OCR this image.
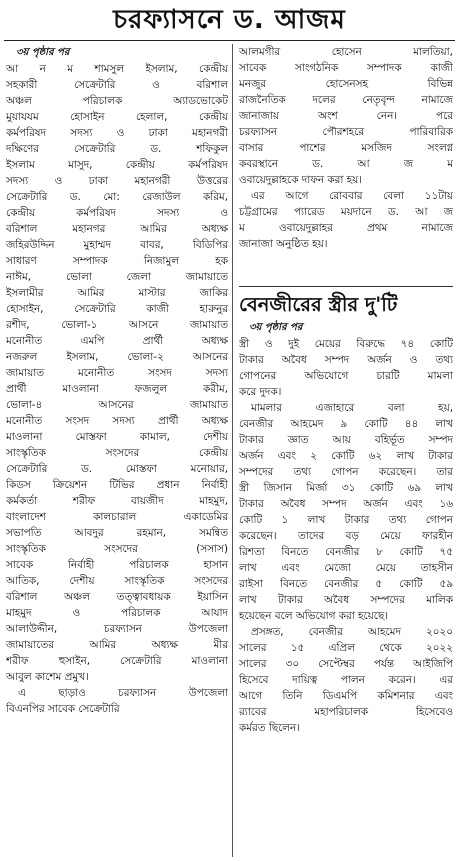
চরফ্যাসনে ড. আজম
৩য় পৃষ্ঠার পর
আ ন ম শামসুল ইসলাম, কেন্দ্রীয়
সহকারী সেক্রেটারি ও বরিশাল
অঞ্চল পরিচালক অ্যাডভোকেট
মুয়াযযম হোসাইন হেলাল, কেন্দ্রীয়
কর্মপরিষদ সদস্য ও ঢাকা মহানগরী
দক্ষিণের সেক্রেটারি ড. শফিকুল
ইসলাম মাসুদ, কেন্দ্রীয় কর্মপরিষদ
সদস্য ও ঢাকা মহানগরী উত্তরের
সেক্রেটারি ড. মো: রেজাউল করিম,
কেন্দ্রীয় কর্মপরিষদ সদস্য ও
বরিশাল মহানগর আমির অধ্যক্ষ
জহিরউদ্দিন মুহাম্মদ বাবর, বিডিপির
সাধারণ সম্পাদক নিজামুল হক
নাঈম, ভোলা জেলা জামায়াতে
ইসলামীর আমির মাস্টার জাকির
হোসাইন, সেক্রেটারি কাজী হারুনুর
রশীদ, ভোলা-১ আসনে জামায়াত
মনোনীত এমপি প্রার্থী অধ্যক্ষ
নজরুল ইসলাম, ভোলা-২ আসনের
জামায়াত মনোনীত সংসদ সদস্য
প্রার্থী মাওলানা ফজলুল করীম,
ভোলা-৪ আসনের জামায়াত
মনোনীত সংসদ সদস্য প্রার্থী অধ্যক্ষ
মাওলানা মোস্তফা কামাল, দেশীয়
সাংস্কৃতিক সংসদের কেন্দ্রীয়
সেক্রেটারি ড. মোস্তফা মনোয়ার,
কিডস ক্রিয়েশন টিভির প্রধান নির্বাহী
কর্মকর্তা শরীফ বায়জীদ মাহমুদ,
বাংলাদেশ কালচারাল একাডেমির
সভাপতি আবদুর রহমান, সমন্বিত
সাংস্কৃতিক সংসদের (সসাস)
সাবেক নির্বাহী পরিচালক হাসান
আতিক, দেশীয় সাংস্কৃতিক সংসদের
বরিশাল অঞ্চল তত্ত্বাবধায়ক ইয়াসিন
মাহমুদ ও পরিচালক আযাদ
আলাউদ্দীন, চরফ্যাসন উপজেলা
জামায়াতের আমির অধ্যক্ষ মীর
শরীফ হুসাইন, সেক্রেটারি মাওলানা
আবুল কাশেম প্রমুখ।
এ ছাড়াও চরফ্যাসন উপজেলা
বিএনপির সাবেক সেক্রেটারি
আলমগীর হোসেন মালতিয়া,
সাবেক সাংগঠনিক সম্পাদক কাজী
মনজুর হোসেনসহ বিভিন্ন
রাজনৈতিক দলের নেতৃবৃন্দ নামাজে
জানাজায় অংশ নেন। পরে
চরফ্যাসন পৌরশহরে পারিবারিক
বাসার পাশের মসজিদ সংলগ্ন
কবরস্থানে ড. আ জ ম
ওবায়েদুল্লাহকে দাফন করা হয়।
এর আগে রোববার বেলা ১১টায়
চট্টগ্রামের প্যারেড ময়দানে ড. আ জ
ম ওবায়েদুল্লাহর প্রথম নামাজে
জানাজা অনুষ্ঠিত হয়।
বেনজীরের স্ত্রীর দু'টি
৩য় পৃষ্ঠার পর
স্ত্রী ও দুই মেয়ের বিরুদ্ধে ৭৪ কোটি
টাকার অবৈধ সম্পদ অর্জন ও তথ্য
গোপনের অভিযোগে চারটি মামলা
করে দুদক।
মামলার এজাহারে বলা হয়,
বেনজীর আহমেদ ৯ কোটি ৪৪ লাখ
টাকার জ্ঞাত আয় বহির্ভূত সম্পদ
অর্জন এবং ২ কোটি ৬২ লাখ টাকার
সম্পদের তথ্য গোপন করেছেন। তার
স্ত্রী জিসান মির্জা ৩১ কোটি ৬৯ লাখ
টাকার অবৈধ সম্পদ অর্জন এবং ১৬
কোটি ১ লাখ টাকার তথ্য গোপন
করেছেন। তাদের বড় মেয়ে ফারহীন
রিশতা বিনতে বেনজীর ৮ কোটি ৭৫
লাখ এবং মেজো মেয়ে তাহসীন
রাইসা বিনতে বেনজীর ৫ কোটি ৫৯
লাখ টাকার অবৈধ সম্পদের মালিক
হয়েছেন বলে অভিযোগ করা হয়েছে।
প্রসঙ্গত, বেনজীর আহমেদ ২০২০
সালের ১৫ এপ্রিল থেকে ২০২২
সালের ৩০ সেপ্টেম্বর পর্যন্ত আইজিপি
হিসেবে দায়িত্ব পালন করেন। এর
আগে তিনি ডিএমপি কমিশনার এবং
র‍্যাবের মহাপরিচালক হিসেবেও
কর্মরত ছিলেন।
